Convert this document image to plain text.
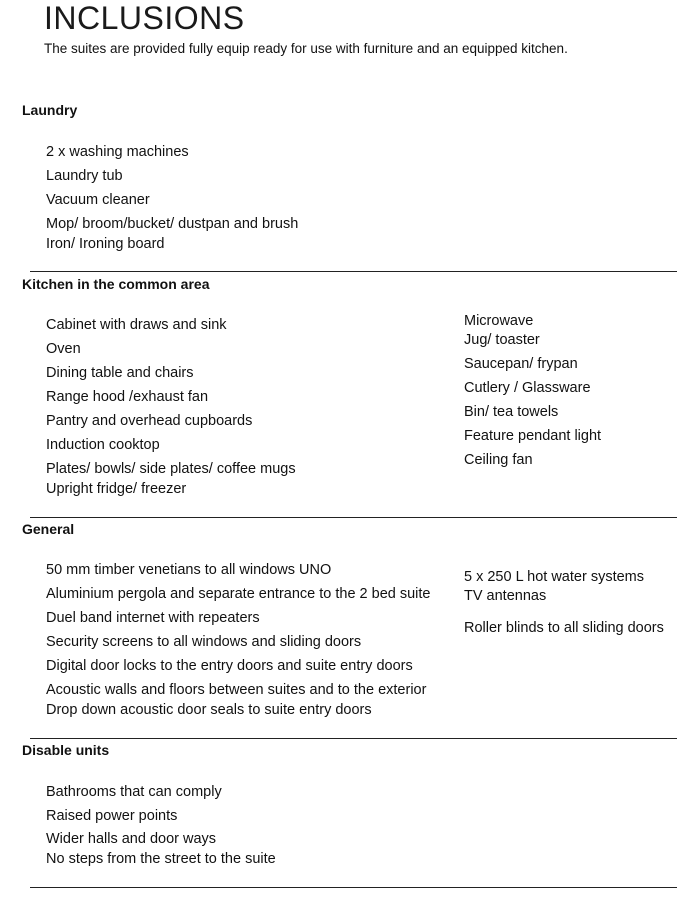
INCLUSIONS
The suites are provided fully equip ready for use with furniture and an equipped kitchen.
Laundry
2 x washing machines
Laundry tub
Vacuum cleaner
Mop/ broom/bucket/ dustpan and brush
Iron/ Ironing board
Kitchen in the common area
Cabinet with draws and sink
Oven
Dining table and chairs
Range hood /exhaust fan
Pantry and overhead cupboards
Induction cooktop
Plates/ bowls/ side plates/ coffee mugs
Upright fridge/ freezer
Microwave
Jug/ toaster
Saucepan/ frypan
Cutlery / Glassware
Bin/ tea towels
Feature pendant light
Ceiling fan
General
50 mm timber venetians to all windows UNO
Aluminium pergola and separate entrance to the 2 bed suite
Duel band internet with repeaters
Security screens to all windows and sliding doors
Digital door locks to the entry doors and suite entry doors
Acoustic walls and floors between suites and to the exterior
Drop down acoustic door seals to suite entry doors
5 x 250 L hot water systems
TV antennas
Roller blinds to all sliding doors
Disable units
Bathrooms that can comply
Raised power points
Wider halls and door ways
No steps from the street to the suite
